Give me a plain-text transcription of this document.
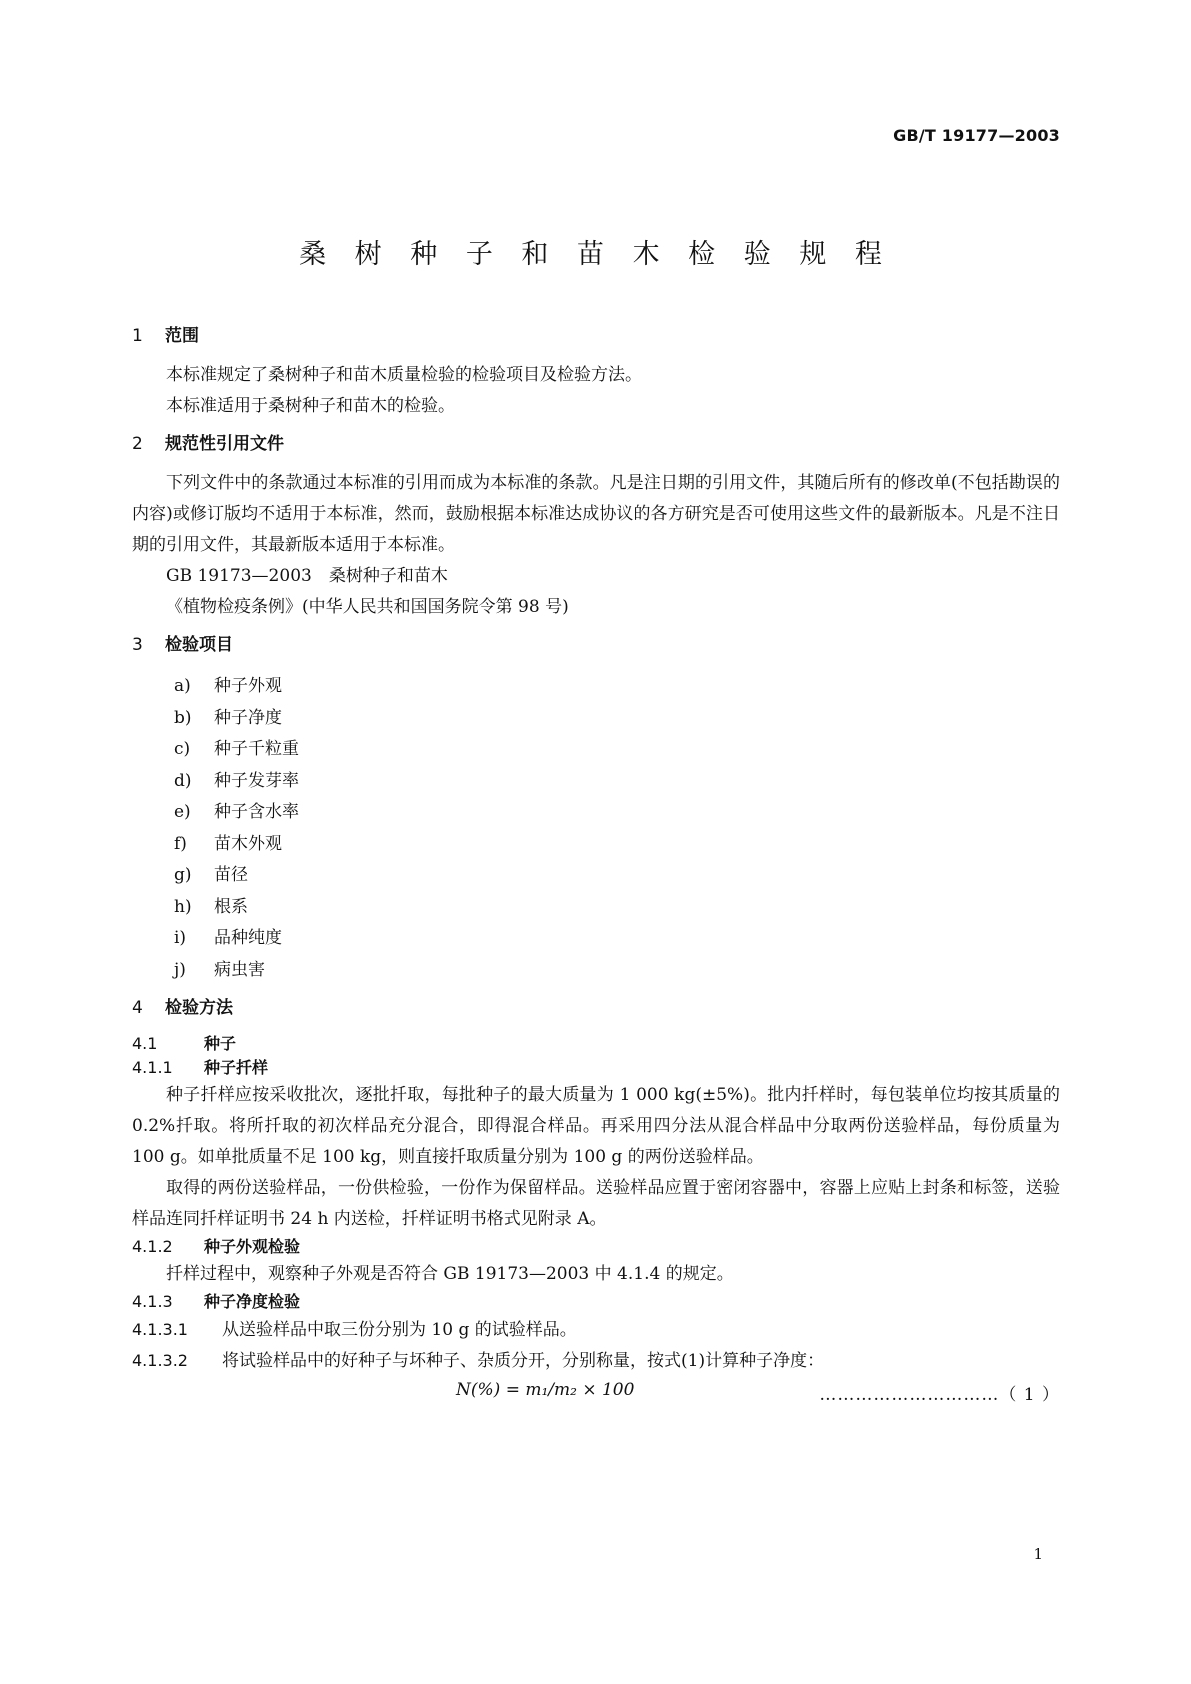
GB/T 19177—2003
桑 树 种 子 和 苗 木 检 验 规 程
1 范围
本标准规定了桑树种子和苗木质量检验的检验项目及检验方法。
本标准适用于桑树种子和苗木的检验。
2 规范性引用文件
下列文件中的条款通过本标准的引用而成为本标准的条款。凡是注日期的引用文件，其随后所有的修改单(不包括勘误的内容)或修订版均不适用于本标准，然而，鼓励根据本标准达成协议的各方研究是否可使用这些文件的最新版本。凡是不注日期的引用文件，其最新版本适用于本标准。
GB 19173—2003　桑树种子和苗木
《植物检疫条例》(中华人民共和国国务院令第 98 号)
3 检验项目
a) 种子外观
b) 种子净度
c) 种子千粒重
d) 种子发芽率
e) 种子含水率
f) 苗木外观
g) 苗径
h) 根系
i) 品种纯度
j) 病虫害
4 检验方法
4.1	种子
4.1.1 种子扦样
种子扦样应按采收批次，逐批扦取，每批种子的最大质量为 1 000 kg(±5%)。批内扦样时，每包装单位均按其质量的 0.2%扦取。将所扦取的初次样品充分混合，即得混合样品。再采用四分法从混合样品中分取两份送验样品，每份质量为 100 g。如单批质量不足 100 kg，则直接扦取质量分别为 100 g 的两份送验样品。
取得的两份送验样品，一份供检验，一份作为保留样品。送验样品应置于密闭容器中，容器上应贴上封条和标签，送验样品连同扦样证明书 24 h 内送检，扦样证明书格式见附录 A。
4.1.2 种子外观检验
扦样过程中，观察种子外观是否符合 GB 19173—2003 中 4.1.4 的规定。
4.1.3 种子净度检验
4.1.3.1 从送验样品中取三份分别为 10 g 的试验样品。
4.1.3.2 将试验样品中的好种子与坏种子、杂质分开，分别称量，按式(1)计算种子净度：
N(%) = m₁/m₂ × 100	…………………………（ 1 ）
1
